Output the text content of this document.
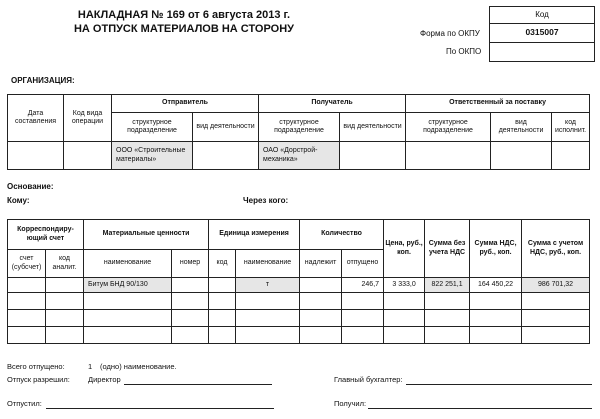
НАКЛАДНАЯ № 169 от 6 августа 2013 г.
НА ОТПУСК МАТЕРИАЛОВ НА СТОРОНУ	Форма по ОКПУ
По ОКПО
Код
0315007

ОРГАНИЗАЦИЯ:
Дата составления	Код вида операции	Отправитель		Получатель		Ответственный за поставку		
		структурное подразделение	вид деятельности	структурное подразделение	вид деятельности	структурное подразделение	вид деятельности	код исполнит.
		ООО «Строительные материалы»		ОАО «Дорстрой-механика»				
Основание:
Кому:	Через кого:
Корреспондиру-ющий счет		Материальные ценности		Единица измерения		Количество		Цена, руб., коп.	Сумма без учета НДС	Сумма НДС, руб., коп.	Сумма с учетом НДС, руб., коп.
счет (субсчет)	код аналит.	наименование	номер	код	наименование	надлежит	отпущено				
		Битум БНД 90/130			т		246,7	3 333,0	822 251,1	164 450,22	986 701,32

Всего отпущено:	1 (одно) наименование.
Отпуск разрешил: Директор	Главный бухгалтер:
Отпустил:	Получил:
